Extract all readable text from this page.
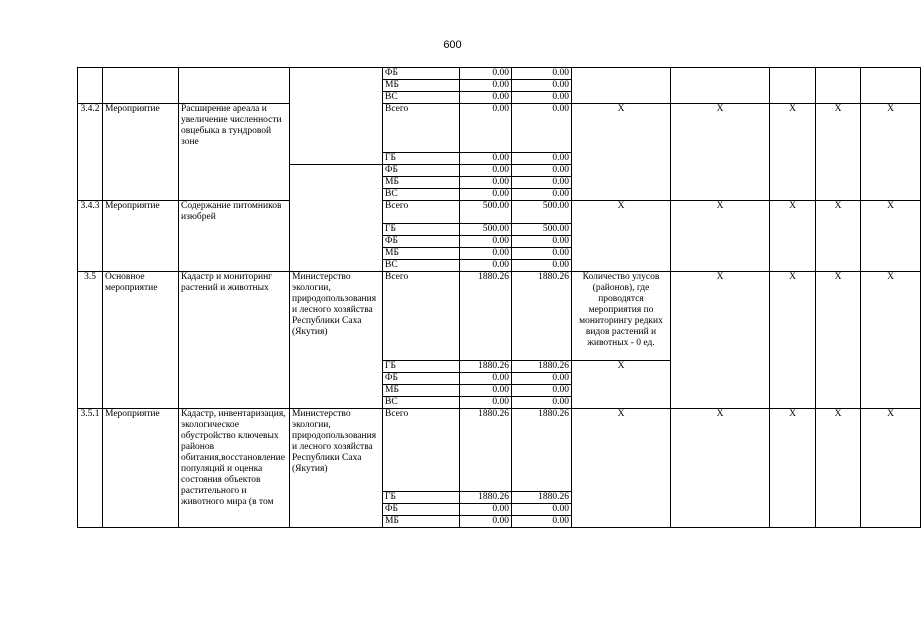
600
				ФБ	0.00	0.00					
				МБ	0.00	0.00					
				ВС	0.00	0.00					
3.4.2	Мероприятие	Расширение ареала и увеличение численности овцебыка в тундровой зоне		Всего	0.00	0.00	Х	Х	Х	Х	Х
				ГБ	0.00	0.00					
				ФБ	0.00	0.00					
				МБ	0.00	0.00					
				ВС	0.00	0.00					
3.4.3	Мероприятие	Содержание питомников изюбрей		Всего	500.00	500.00	Х	Х	Х	Х	Х
				ГБ	500.00	500.00					
				ФБ	0.00	0.00					
				МБ	0.00	0.00					
				ВС	0.00	0.00					
3.5	Основное мероприятие	Кадастр и мониторинг растений и животных	Министерство экологии, природопользования и лесного хозяйства Республики Саха (Якутия)	Всего	1880.26	1880.26	Количество улусов (районов), где проводятся мероприятия по мониторингу редких видов растений и животных - 0 ед.	Х	Х	Х	Х
				ГБ	1880.26	1880.26	Х				
				ФБ	0.00	0.00					
				МБ	0.00	0.00					
				ВС	0.00	0.00					
3.5.1	Мероприятие	Кадастр, инвентаризация, экологическое обустройство ключевых районов обитания,восстановление популяций и оценка состояния объектов растительного и животного мира (в том	Министерство экологии, природопользования и лесного хозяйства Республики Саха (Якутия)	Всего	1880.26	1880.26	Х	Х	Х	Х	Х
				ГБ	1880.26	1880.26					
				ФБ	0.00	0.00					
				МБ	0.00	0.00					
